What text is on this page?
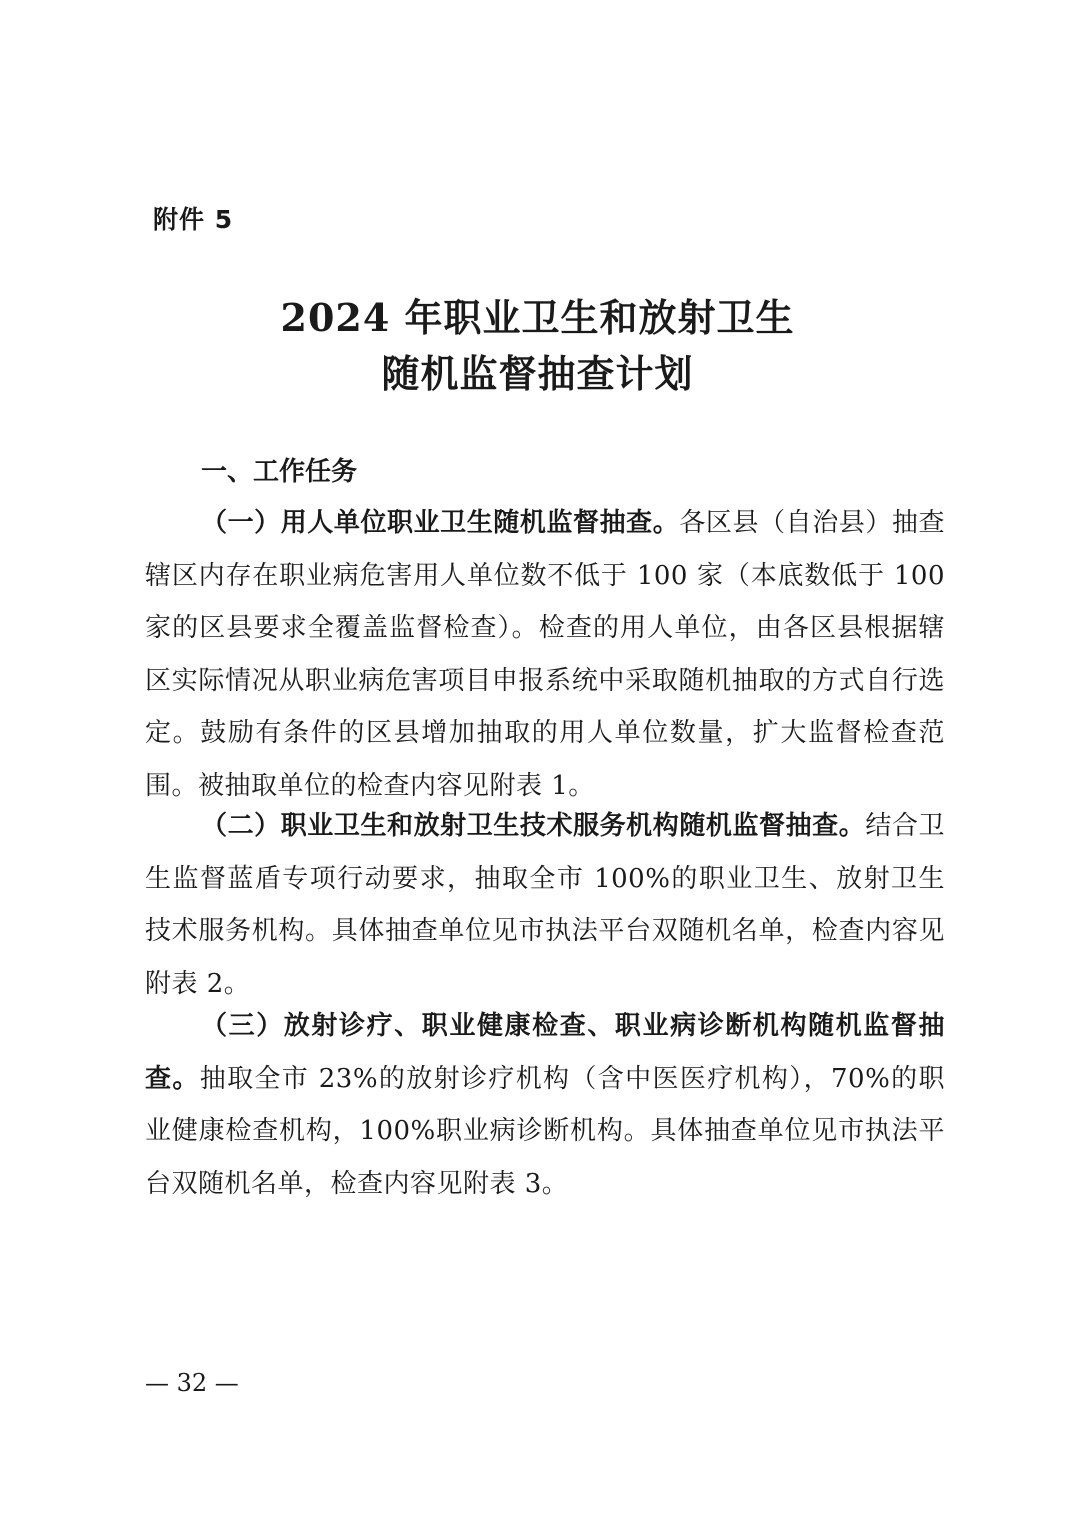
附件 5
2024 年职业卫生和放射卫生
随机监督抽查计划
一、工作任务

（一）用人单位职业卫生随机监督抽查。各区县（自治县）抽查辖区内存在职业病危害用人单位数不低于 100 家（本底数低于 100 家的区县要求全覆盖监督检查）。检查的用人单位，由各区县根据辖区实际情况从职业病危害项目申报系统中采取随机抽取的方式自行选定。鼓励有条件的区县增加抽取的用人单位数量，扩大监督检查范围。被抽取单位的检查内容见附表 1。

（二）职业卫生和放射卫生技术服务机构随机监督抽查。结合卫生监督蓝盾专项行动要求，抽取全市 100%的职业卫生、放射卫生技术服务机构。具体抽查单位见市执法平台双随机名单，检查内容见附表 2。

（三）放射诊疗、职业健康检查、职业病诊断机构随机监督抽查。抽取全市 23%的放射诊疗机构（含中医医疗机构），70%的职业健康检查机构，100%职业病诊断机构。具体抽查单位见市执法平台双随机名单，检查内容见附表 3。

— 32 —
